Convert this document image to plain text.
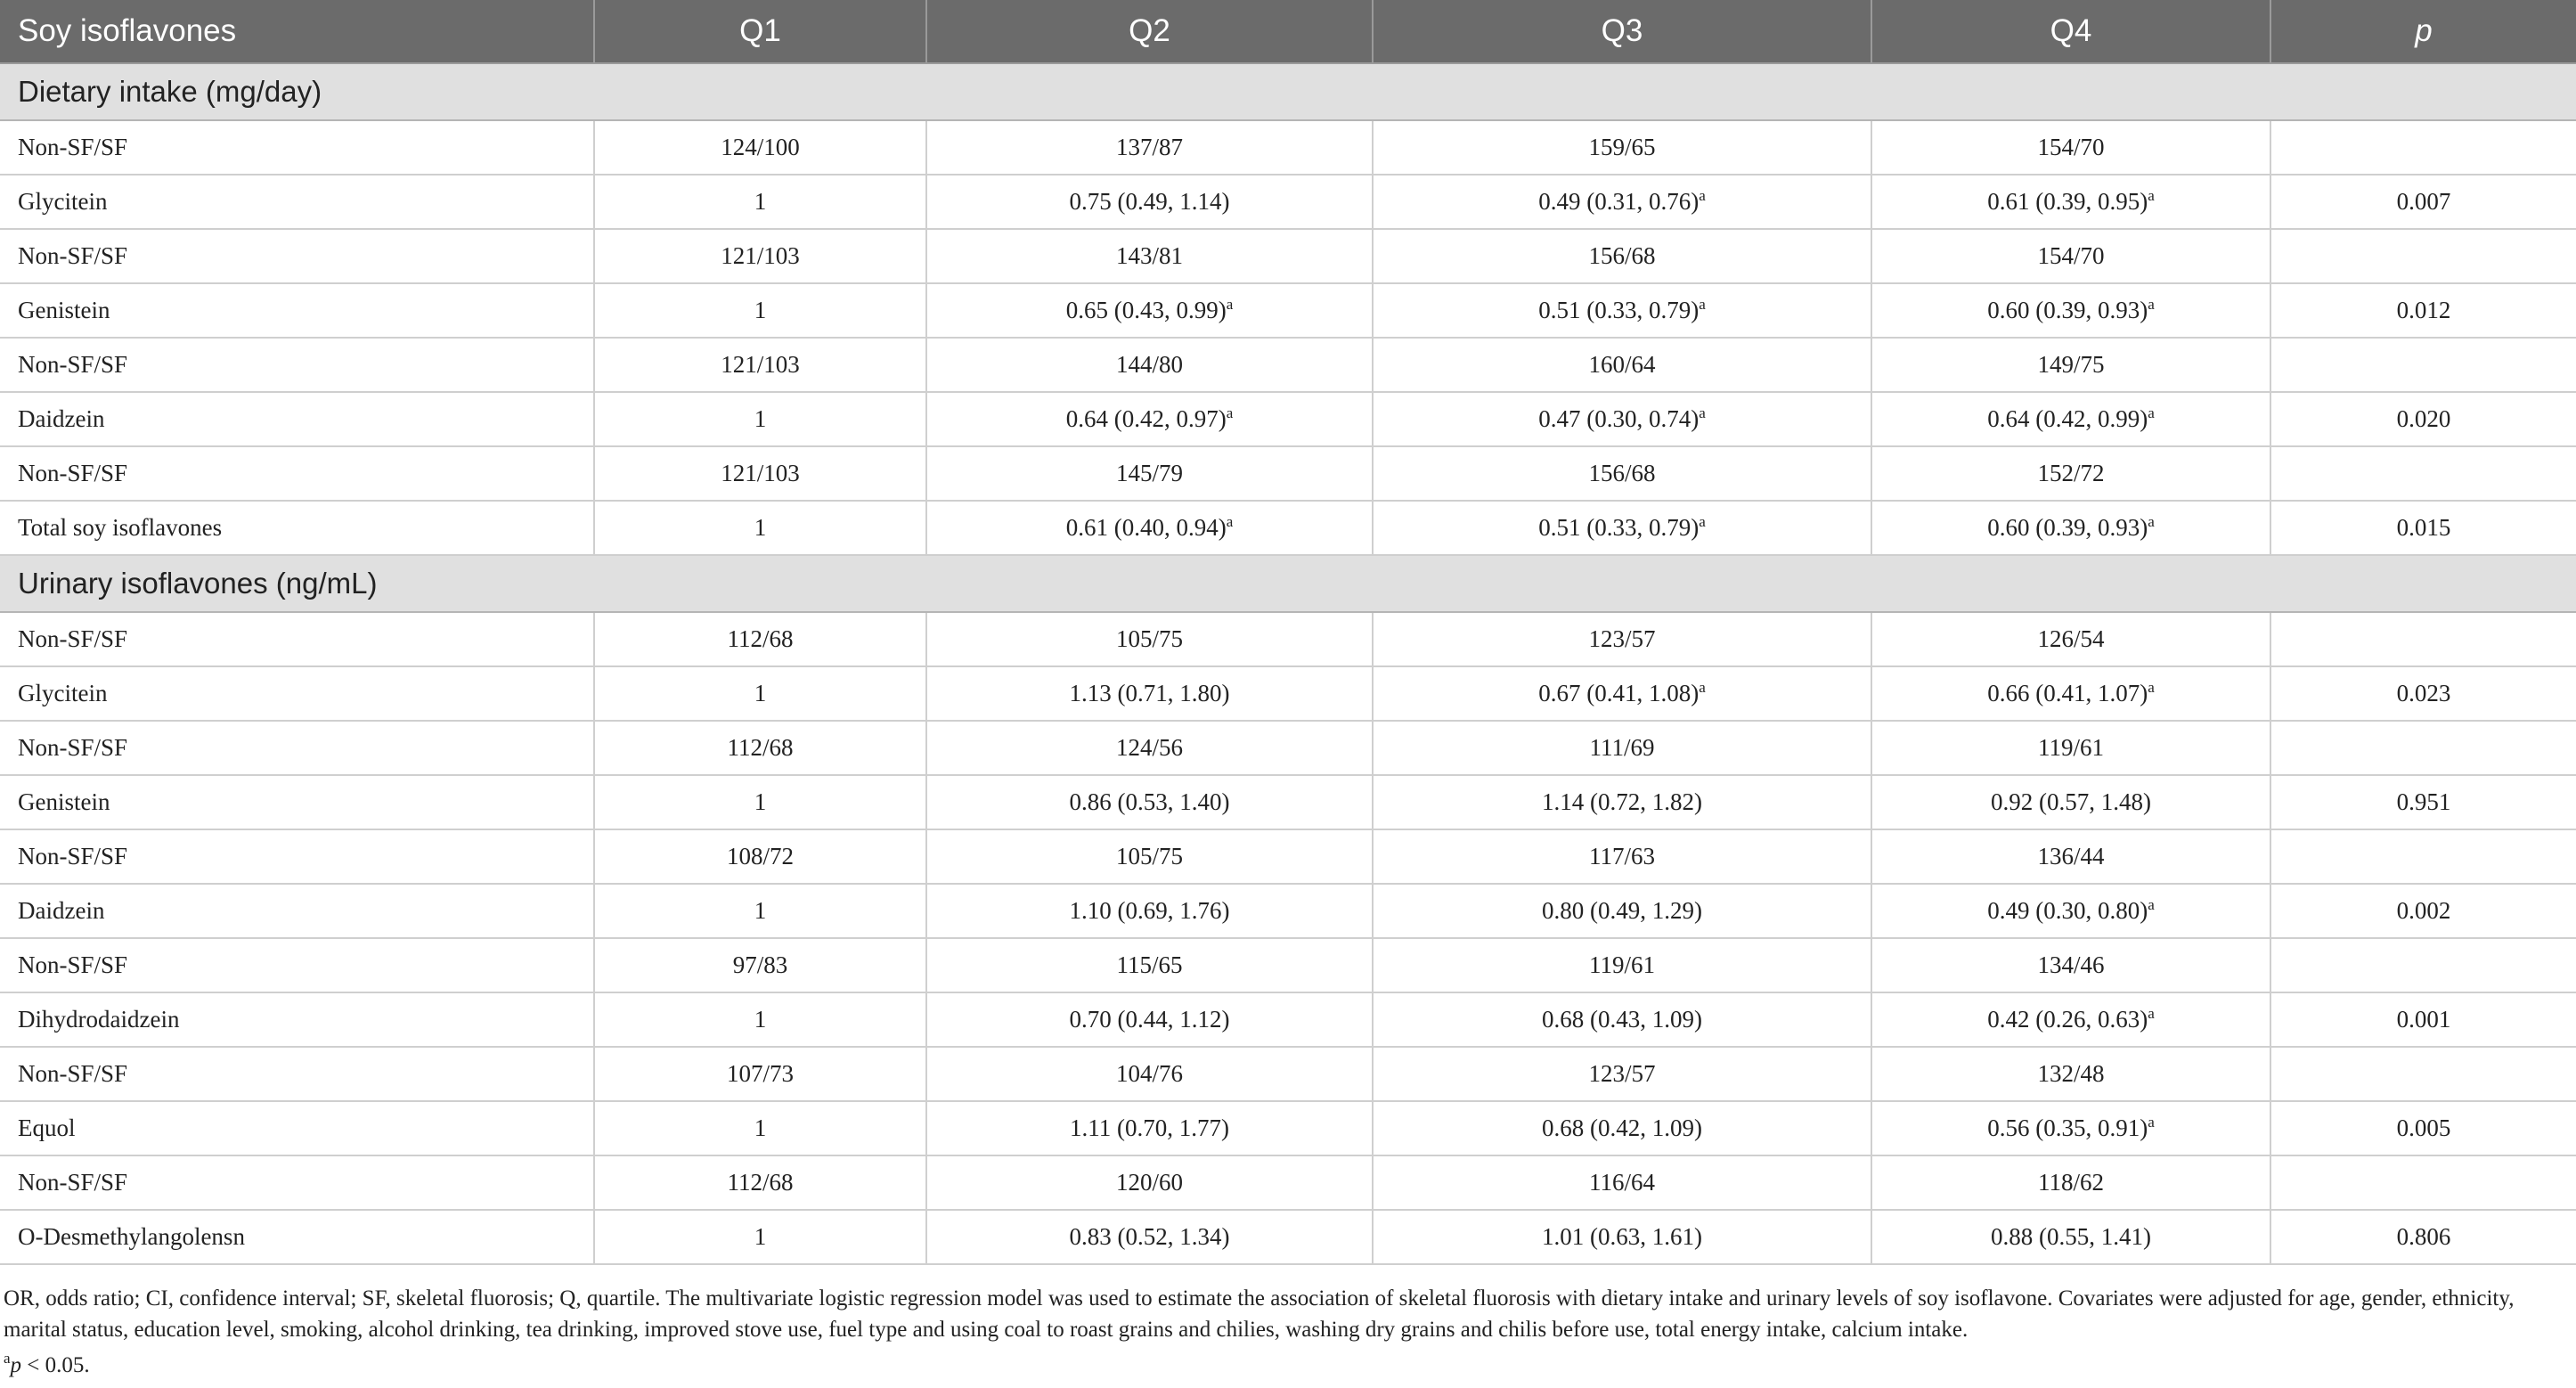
Soy isoflavones	Q1	Q2	Q3	Q4	p
Dietary intake (mg/day)					
Non-SF/SF	124/100	137/87	159/65	154/70	
Glycitein	1	0.75 (0.49, 1.14)	0.49 (0.31, 0.76)$^a$	0.61 (0.39, 0.95)$^a$	0.007
Non-SF/SF	121/103	143/81	156/68	154/70	
Genistein	1	0.65 (0.43, 0.99)$^a$	0.51 (0.33, 0.79)$^a$	0.60 (0.39, 0.93)$^a$	0.012
Non-SF/SF	121/103	144/80	160/64	149/75	
Daidzein	1	0.64 (0.42, 0.97)$^a$	0.47 (0.30, 0.74)$^a$	0.64 (0.42, 0.99)$^a$	0.020
Non-SF/SF	121/103	145/79	156/68	152/72	
Total soy isoflavones	1	0.61 (0.40, 0.94)$^a$	0.51 (0.33, 0.79)$^a$	0.60 (0.39, 0.93)$^a$	0.015
Urinary isoflavones (ng/mL)					
Non-SF/SF	112/68	105/75	123/57	126/54	
Glycitein	1	1.13 (0.71, 1.80)	0.67 (0.41, 1.08)$^a$	0.66 (0.41, 1.07)$^a$	0.023
Non-SF/SF	112/68	124/56	111/69	119/61	
Genistein	1	0.86 (0.53, 1.40)	1.14 (0.72, 1.82)	0.92 (0.57, 1.48)	0.951
Non-SF/SF	108/72	105/75	117/63	136/44	
Daidzein	1	1.10 (0.69, 1.76)	0.80 (0.49, 1.29)	0.49 (0.30, 0.80)$^a$	0.002
Non-SF/SF	97/83	115/65	119/61	134/46	
Dihydrodaidzein	1	0.70 (0.44, 1.12)	0.68 (0.43, 1.09)	0.42 (0.26, 0.63)$^a$	0.001
Non-SF/SF	107/73	104/76	123/57	132/48	
Equol	1	1.11 (0.70, 1.77)	0.68 (0.42, 1.09)	0.56 (0.35, 0.91)$^a$	0.005
Non-SF/SF	112/68	120/60	116/64	118/62	
O-Desmethylangolensn	1	0.83 (0.52, 1.34)	1.01 (0.63, 1.61)	0.88 (0.55, 1.41)	0.806

OR, odds ratio; CI, confidence interval; SF, skeletal fluorosis; Q, quartile. The multivariate logistic regression model was used to estimate the association of skeletal fluorosis with dietary intake and urinary levels of soy isoflavone. Covariates were adjusted for age, gender, ethnicity, marital status, education level, smoking, alcohol drinking, tea drinking, improved stove use, fuel type and using coal to roast grains and chilies, washing dry grains and chilis before use, total energy intake, calcium intake.

$^a$p < 0.05.
